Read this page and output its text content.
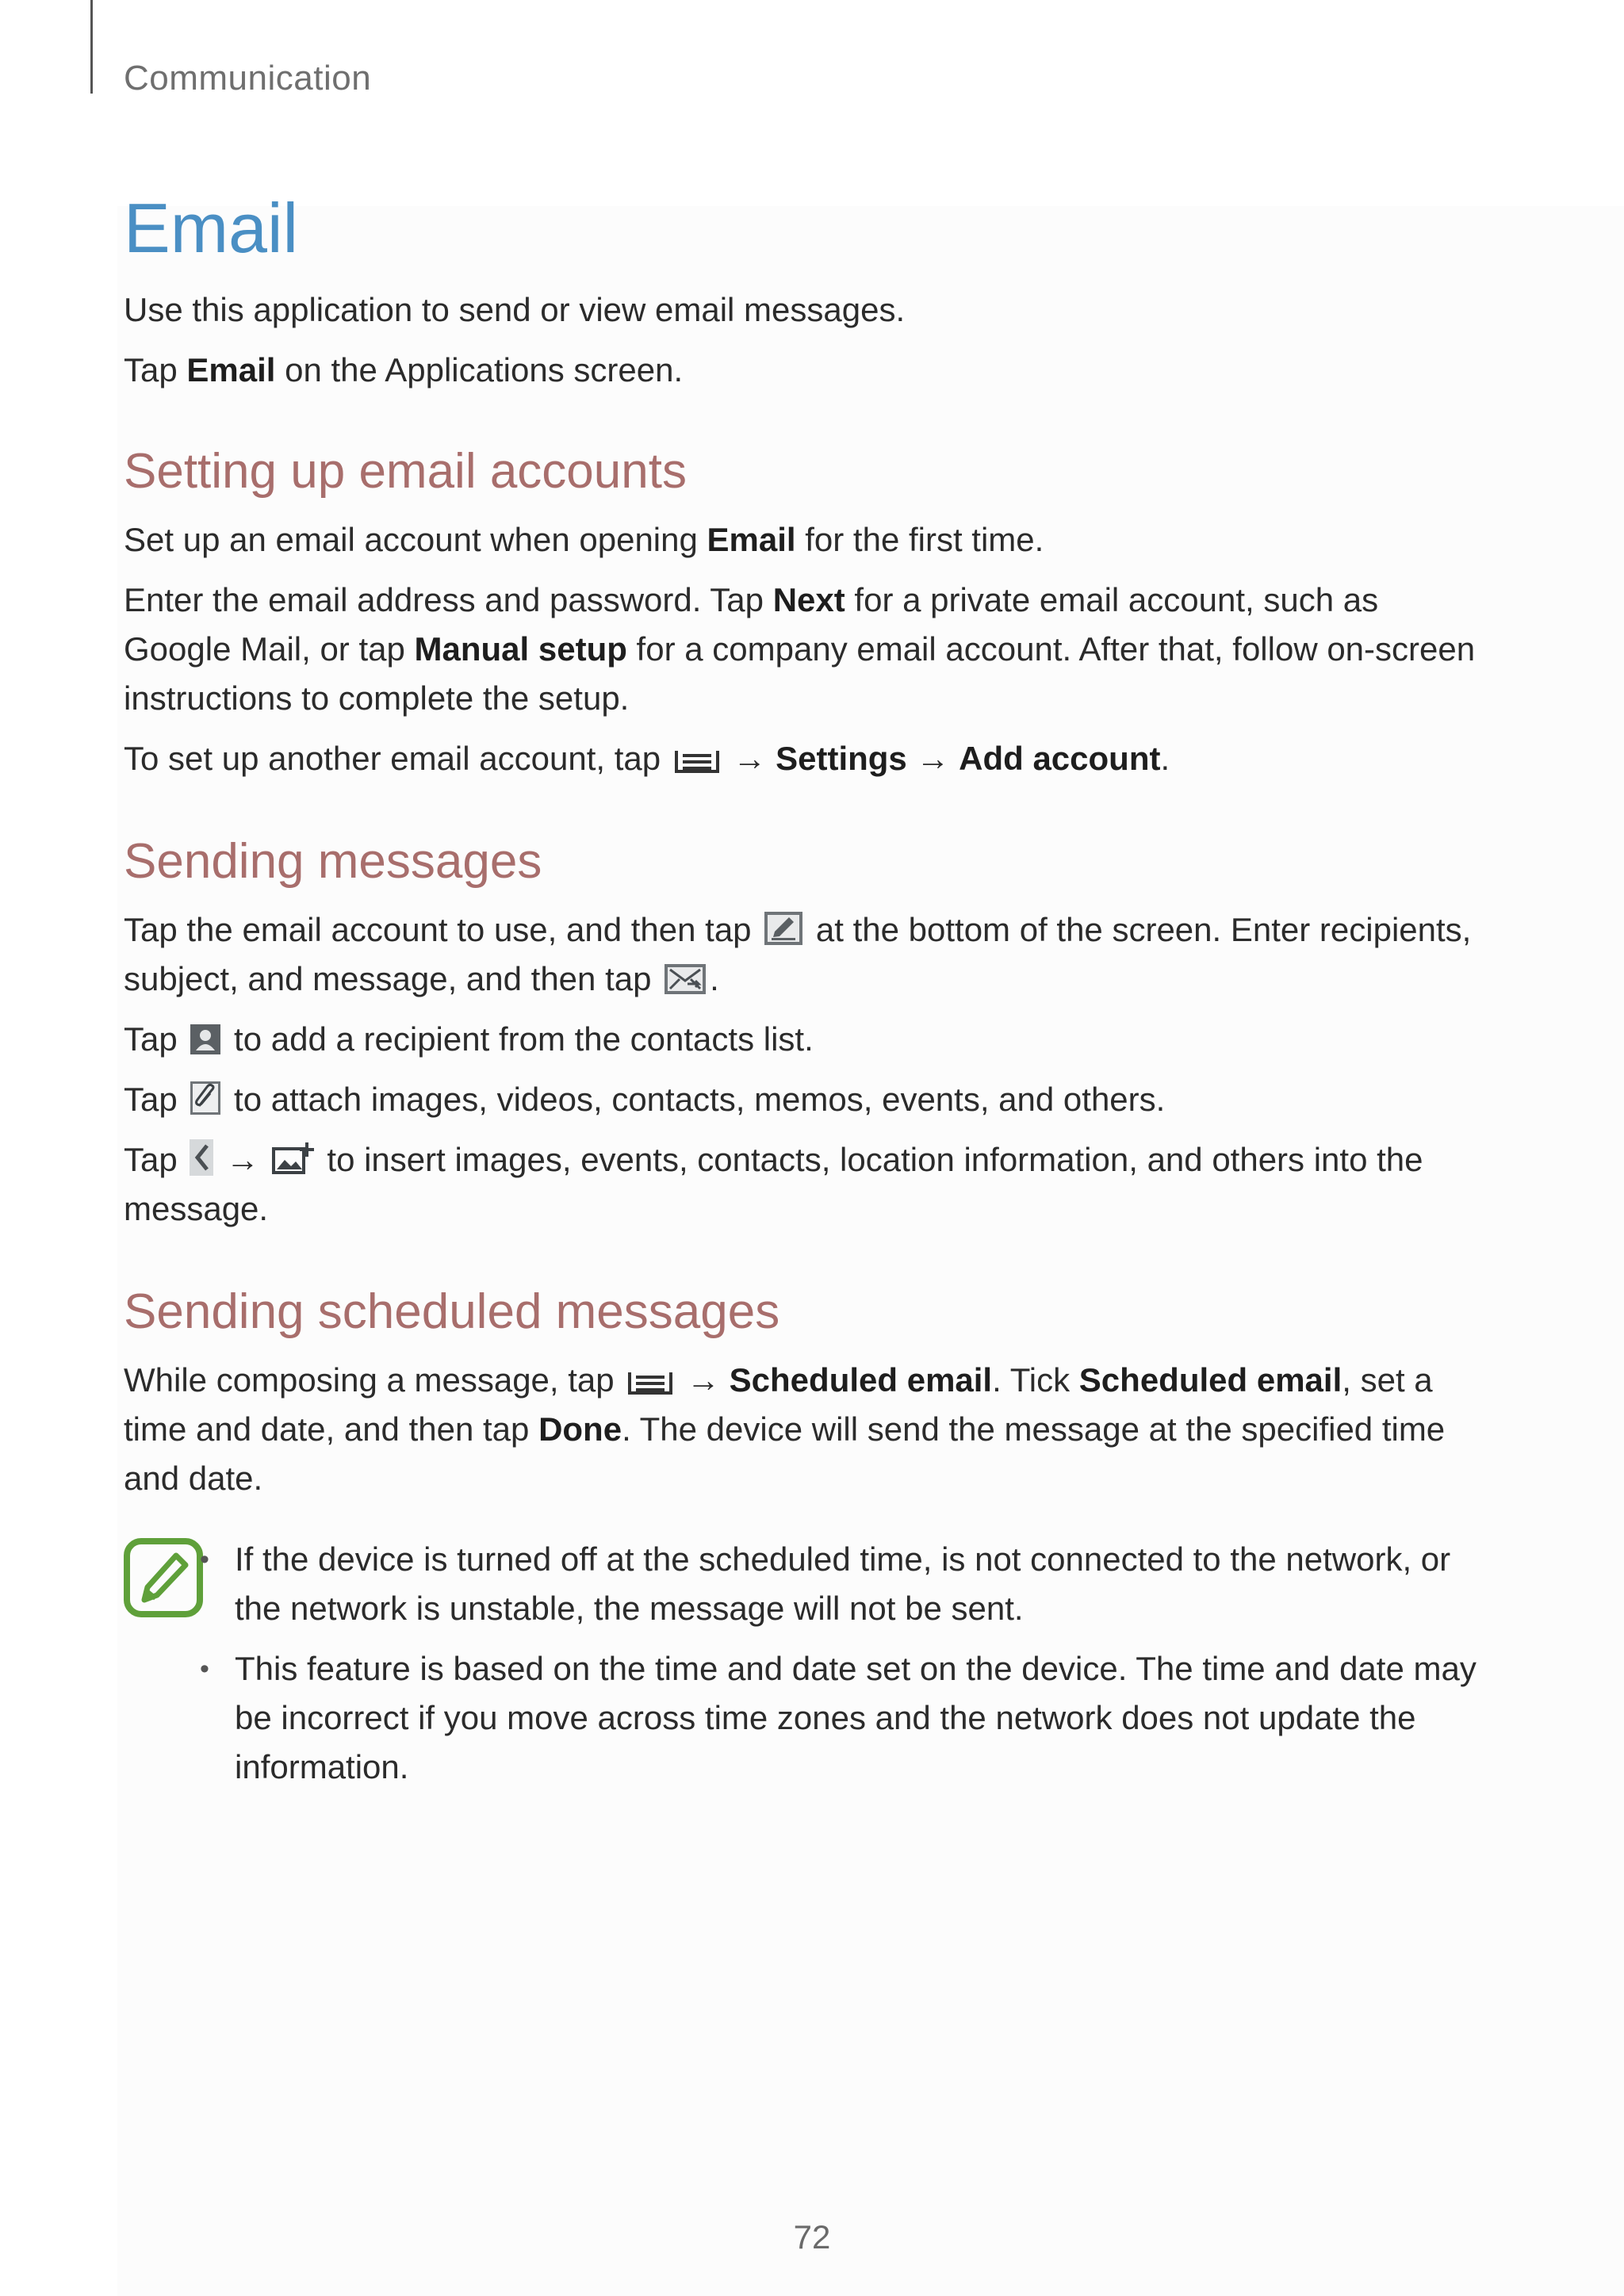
Communication
Email

Use this application to send or view email messages.

Tap Email on the Applications screen.

Setting up email accounts

Set up an email account when opening Email for the first time.

Enter the email address and password. Tap Next for a private email account, such as Google Mail, or tap Manual setup for a company email account. After that, follow on-screen instructions to complete the setup.

To set up another email account, tap
→ Settings → Add account.

Sending messages

Tap the email account to use, and then tap
at the bottom of the screen. Enter recipients, subject, and message, and then tap
.

Tap
to add a recipient from the contacts list.

Tap
to attach images, videos, contacts, memos, events, and others.

Tap
→
to insert images, events, contacts, location information, and others into the message.

Sending scheduled messages

While composing a message, tap
→ Scheduled email. Tick Scheduled email, set a time and date, and then tap Done. The device will send the message at the specified time and date.

• If the device is turned off at the scheduled time, is not connected to the network, or the network is unstable, the message will not be sent.
• This feature is based on the time and date set on the device. The time and date may be incorrect if you move across time zones and the network does not update the information.
72
